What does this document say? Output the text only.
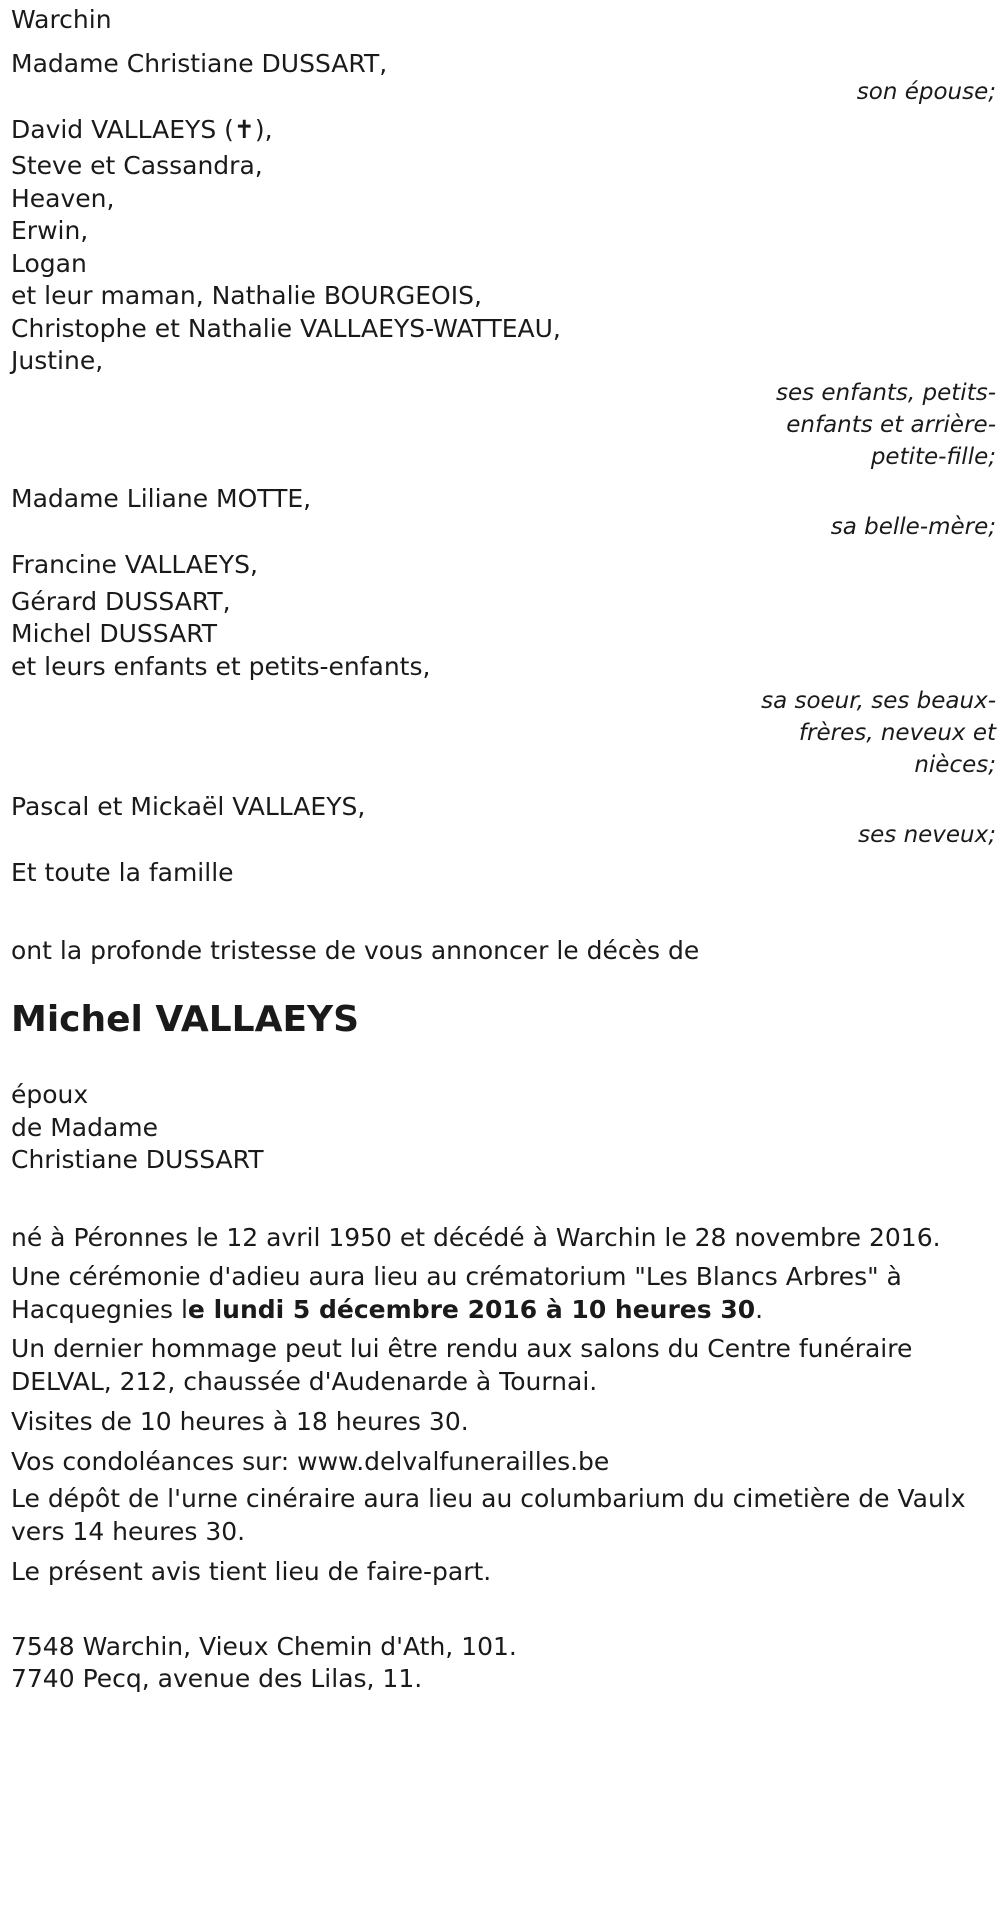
Warchin
Madame Christiane DUSSART,
son épouse;
David VALLAEYS (✝),
Steve et Cassandra,
Heaven,
Erwin,
Logan
et leur maman, Nathalie BOURGEOIS,
Christophe et Nathalie VALLAEYS-WATTEAU,
Justine,
ses enfants, petits-
enfants et arrière-
petite-fille;
Madame Liliane MOTTE,
sa belle-mère;
Francine VALLAEYS,
Gérard DUSSART,
Michel DUSSART
et leurs enfants et petits-enfants,
sa soeur, ses beaux-
frères, neveux et
nièces;
Pascal et Mickaël VALLAEYS,
ses neveux;
Et toute la famille
ont la profonde tristesse de vous annoncer le décès de
Michel VALLAEYS
époux
de Madame
Christiane DUSSART
né à Péronnes le 12 avril 1950 et décédé à Warchin le 28 novembre 2016.
Une cérémonie d'adieu aura lieu au crématorium "Les Blancs Arbres" à Hacquegnies le lundi 5 décembre 2016 à 10 heures 30.
Un dernier hommage peut lui être rendu aux salons du Centre funéraire DELVAL, 212, chaussée d'Audenarde à Tournai.
Visites de 10 heures à 18 heures 30.
Vos condoléances sur: www.delvalfunerailles.be
Le dépôt de l'urne cinéraire aura lieu au columbarium du cimetière de Vaulx vers 14 heures 30.
Le présent avis tient lieu de faire-part.
7548 Warchin, Vieux Chemin d'Ath, 101.
7740 Pecq, avenue des Lilas, 11.
